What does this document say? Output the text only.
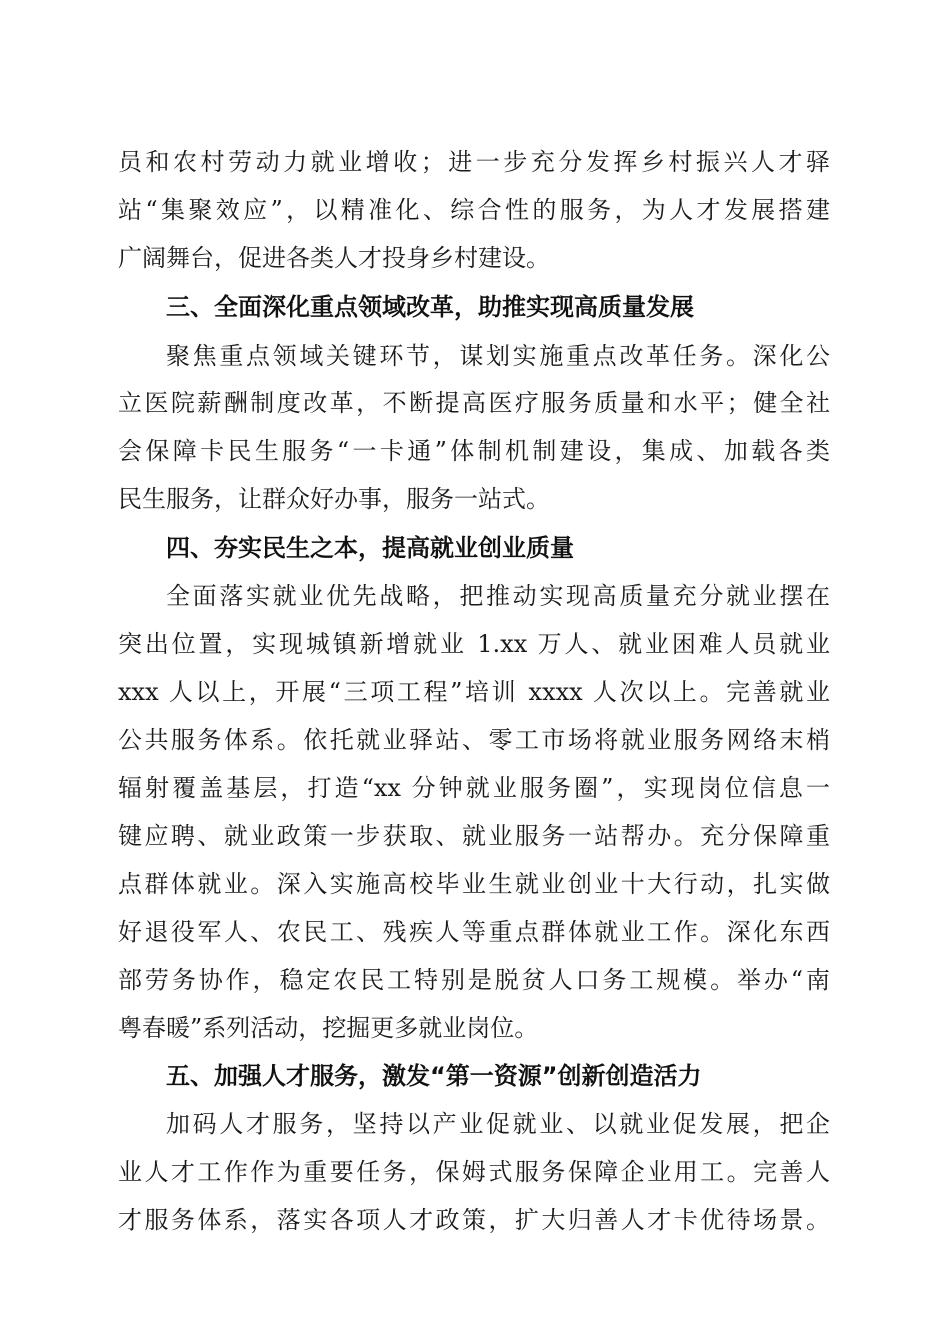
员和农村劳动力就业增收；进一步充分发挥乡村振兴人才驿
站“集聚效应”，以精准化、综合性的服务，为人才发展搭建
广阔舞台，促进各类人才投身乡村建设。
三、全面深化重点领域改革，助推实现高质量发展
聚焦重点领域关键环节，谋划实施重点改革任务。深化公
立医院薪酬制度改革，不断提高医疗服务质量和水平；健全社
会保障卡民生服务“一卡通”体制机制建设，集成、加载各类
民生服务，让群众好办事，服务一站式。
四、夯实民生之本，提高就业创业质量
全面落实就业优先战略，把推动实现高质量充分就业摆在
突出位置，实现城镇新增就业 1.xx 万人、就业困难人员就业
xxx 人以上，开展“三项工程”培训 xxxx 人次以上。完善就业
公共服务体系。依托就业驿站、零工市场将就业服务网络末梢
辐射覆盖基层，打造“xx 分钟就业服务圈”，实现岗位信息一
键应聘、就业政策一步获取、就业服务一站帮办。充分保障重
点群体就业。深入实施高校毕业生就业创业十大行动，扎实做
好退役军人、农民工、残疾人等重点群体就业工作。深化东西
部劳务协作，稳定农民工特别是脱贫人口务工规模。举办“南
粤春暖”系列活动，挖掘更多就业岗位。
五、加强人才服务，激发“第一资源”创新创造活力
加码人才服务，坚持以产业促就业、以就业促发展，把企
业人才工作作为重要任务，保姆式服务保障企业用工。完善人
才服务体系，落实各项人才政策，扩大归善人才卡优待场景。
